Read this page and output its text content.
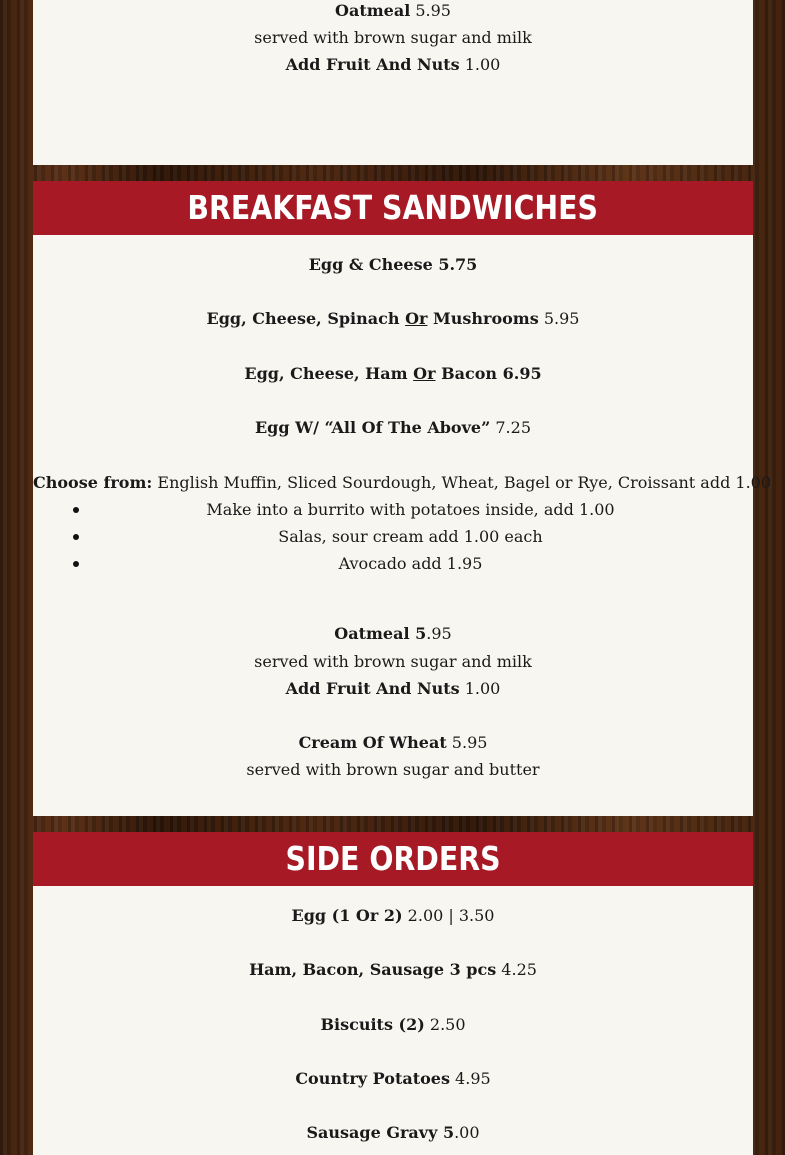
Oatmeal 5.95
served with brown sugar and milk
Add Fruit And Nuts 1.00
BREAKFAST SANDWICHES
Egg & Cheese 5.75
Egg, Cheese, Spinach Or Mushrooms 5.95
Egg, Cheese, Ham Or Bacon 6.95
Egg W/ “All Of The Above” 7.25
Choose from: English Muffin, Sliced Sourdough, Wheat, Bagel or Rye, Croissant add 1.00
Make into a burrito with potatoes inside, add 1.00
Salas, sour cream add 1.00 each
Avocado add 1.95
Oatmeal 5.95
served with brown sugar and milk
Add Fruit And Nuts 1.00
Cream Of Wheat 5.95
served with brown sugar and butter
SIDE ORDERS
Egg (1 Or 2) 2.00 | 3.50
Ham, Bacon, Sausage 3 pcs 4.25
Biscuits (2) 2.50
Country Potatoes 4.95
Sausage Gravy 5.00
